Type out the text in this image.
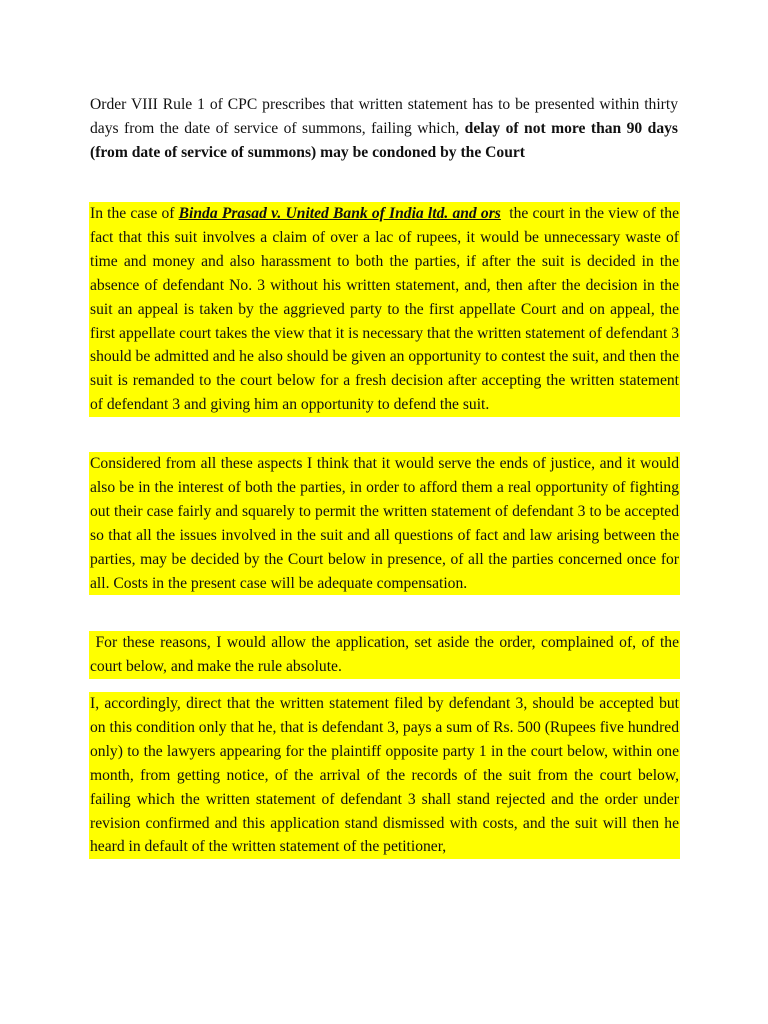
Order VIII Rule 1 of CPC prescribes that written statement has to be presented within thirty days from the date of service of summons, failing which, delay of not more than 90 days (from date of service of summons) may be condoned by the Court

In the case of Binda Prasad v. United Bank of India ltd. and ors the court in the view of the fact that this suit involves a claim of over a lac of rupees, it would be unnecessary waste of time and money and also harassment to both the parties, if after the suit is decided in the absence of defendant No. 3 without his written statement, and, then after the decision in the suit an appeal is taken by the aggrieved party to the first appellate Court and on appeal, the first appellate court takes the view that it is necessary that the written statement of defendant 3 should be admitted and he also should be given an opportunity to contest the suit, and then the suit is remanded to the court below for a fresh decision after accepting the written statement of defendant 3 and giving him an opportunity to defend the suit.

Considered from all these aspects I think that it would serve the ends of justice, and it would also be in the interest of both the parties, in order to afford them a real opportunity of fighting out their case fairly and squarely to permit the written statement of defendant 3 to be accepted so that all the issues involved in the suit and all questions of fact and law arising between the parties, may be decided by the Court below in presence, of all the parties concerned once for all. Costs in the present case will be adequate compensation.

For these reasons, I would allow the application, set aside the order, complained of, of the court below, and make the rule absolute.

I, accordingly, direct that the written statement filed by defendant 3, should be accepted but on this condition only that he, that is defendant 3, pays a sum of Rs. 500 (Rupees five hundred only) to the lawyers appearing for the plaintiff opposite party 1 in the court below, within one month, from getting notice, of the arrival of the records of the suit from the court below, failing which the written statement of defendant 3 shall stand rejected and the order under revision confirmed and this application stand dismissed with costs, and the suit will then he heard in default of the written statement of the petitioner,
